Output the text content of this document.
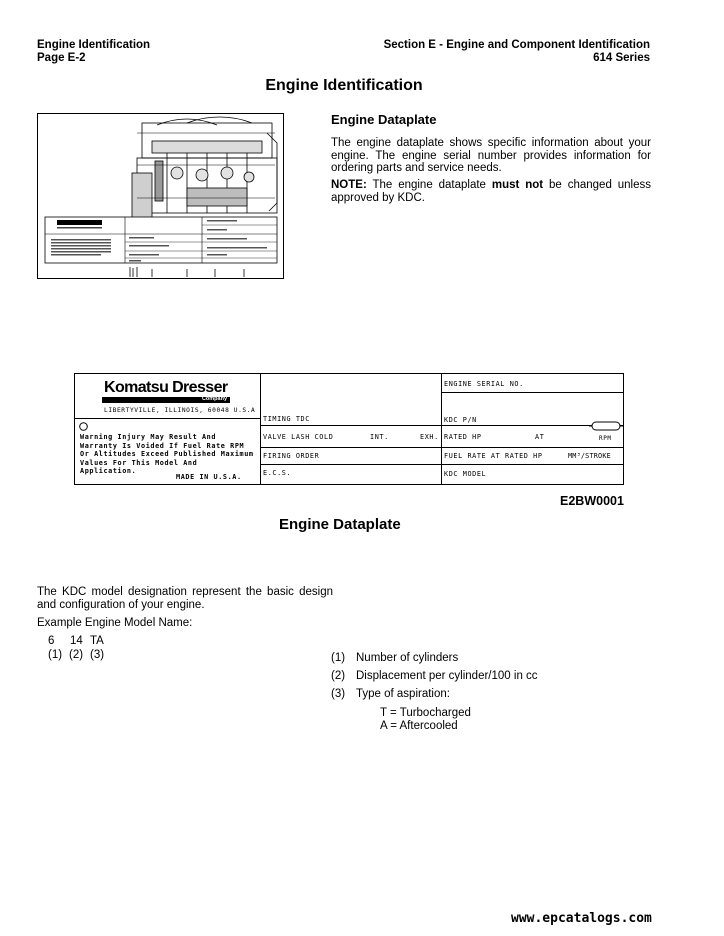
Engine Identification
Page E-2
Section E - Engine and Component Identification
614 Series
Engine Identification
Engine Dataplate
The engine dataplate shows specific information about your engine. The engine serial number provides information for ordering parts and service needs.
NOTE: The engine dataplate must not be changed unless approved by KDC.
Komatsu Dresser
Company
LIBERTYVILLE, ILLINOIS, 60048 U.S.A
Warning Injury May Result And Warranty Is Voided If Fuel Rate RPM Or Altitudes Exceed Published Maximum Values For This Model And Application.
MADE IN U.S.A.
TIMING TDC
VALVE LASH COLD	INT.	EXH.
FIRING ORDER
E.C.S.
ENGINE SERIAL NO.
KDC P/N
RATED HP	AT	RPM
FUEL RATE AT RATED HP	MM³/STROKE
KDC MODEL
E2BW0001
Engine Dataplate
The KDC model designation represent the basic design and configuration of your engine.
Example Engine Model Name:
6 14 TA
(1) (2) (3)	(1) Number of cylinders
(2) Displacement per cylinder/100 in cc
(3) Type of aspiration:
T = Turbocharged
A = Aftercooled
www.epcatalogs.com
